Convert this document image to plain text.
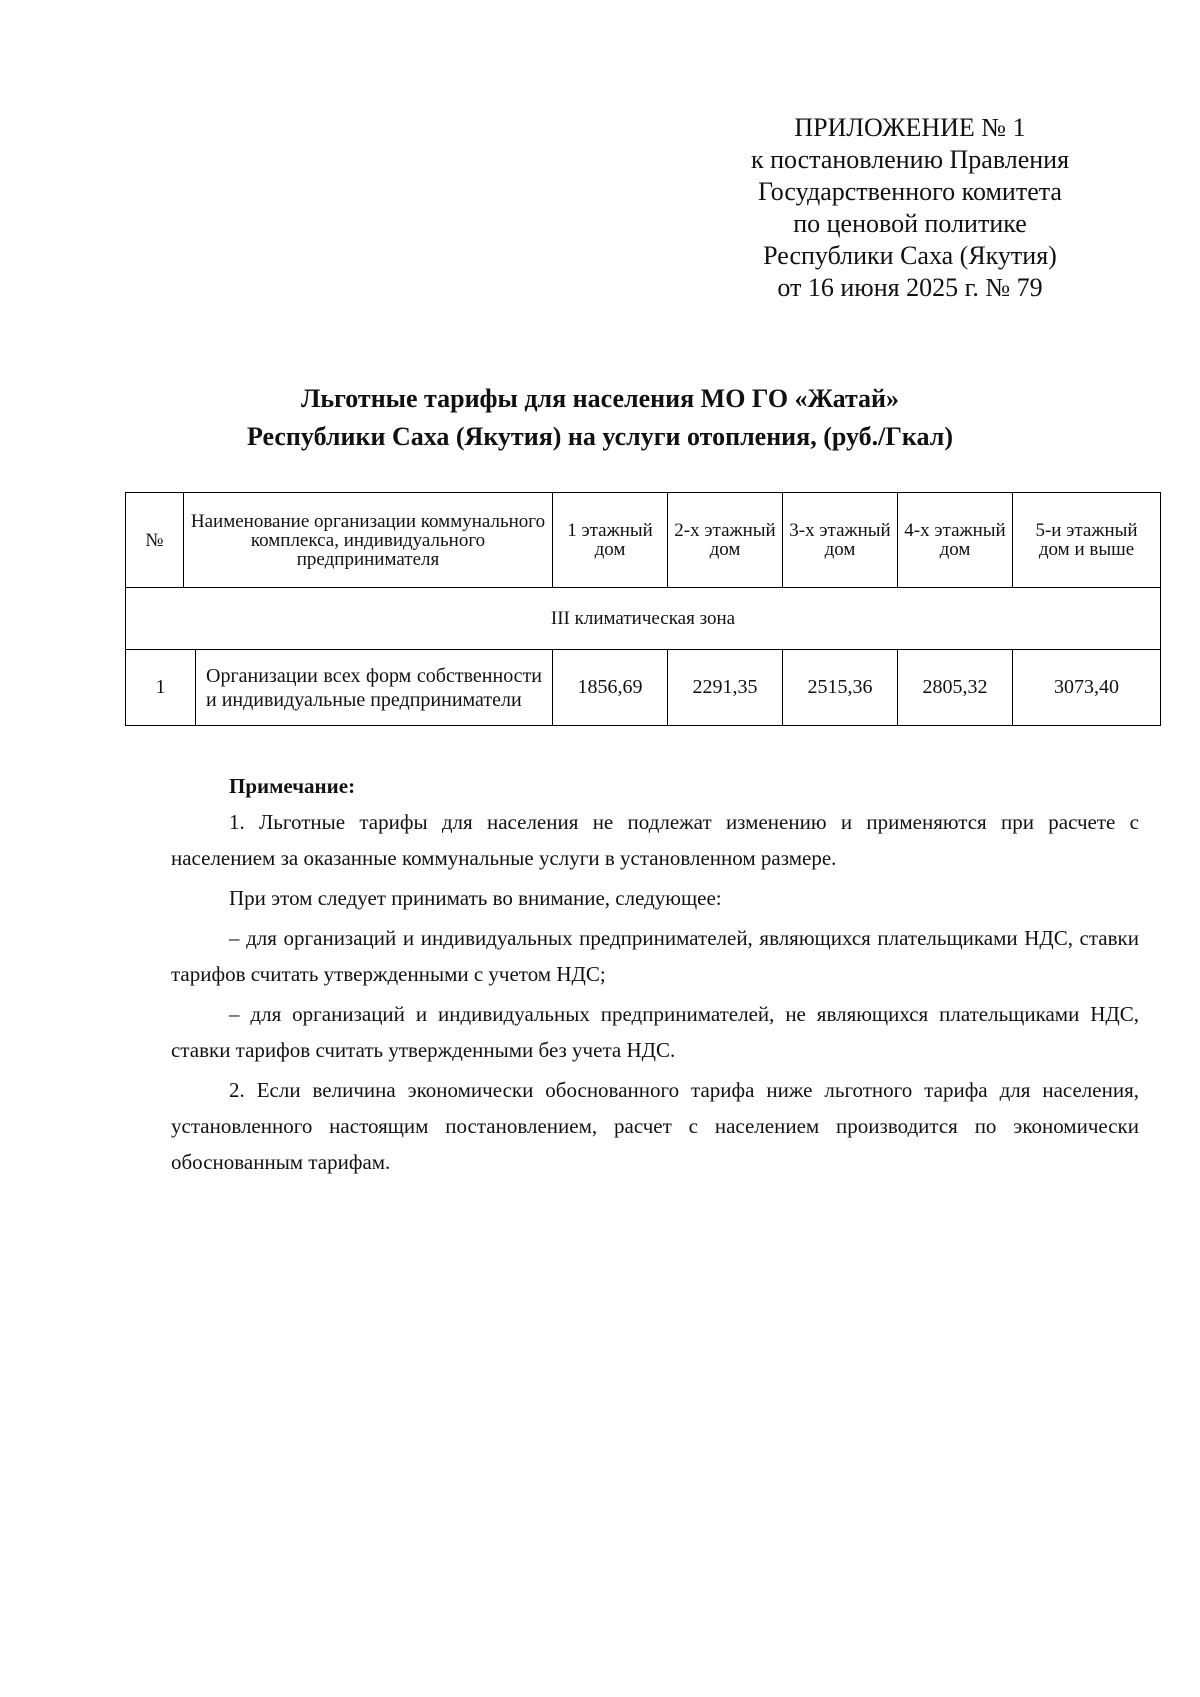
ПРИЛОЖЕНИЕ № 1
к постановлению Правления
Государственного комитета
по ценовой политике
Республики Саха (Якутия)
от 16 июня 2025 г. № 79
Льготные тарифы для населения МО ГО «Жатай»
Республики Саха (Якутия) на услуги отопления, (руб./Гкал)
№	Наименование организации коммунального комплекса, индивидуального предпринимателя		1 этажный дом	2-х этажный дом	3-х этажный дом	4-х этажный дом	5-и этажный дом и выше
III климатическая зона							
1		Организации всех форм собственности и индивидуальные предприниматели	1856,69	2291,35	2515,36	2805,32	3073,40

Примечание:

1. Льготные тарифы для населения не подлежат изменению и применяются при расчете с населением за оказанные коммунальные услуги в установленном размере.

При этом следует принимать во внимание, следующее:

– для организаций и индивидуальных предпринимателей, являющихся плательщиками НДС, ставки тарифов считать утвержденными с учетом НДС;

– для организаций и индивидуальных предпринимателей, не являющихся плательщиками НДС, ставки тарифов считать утвержденными без учета НДС.

2. Если величина экономически обоснованного тарифа ниже льготного тарифа для населения, установленного настоящим постановлением, расчет с населением производится по экономически обоснованным тарифам.
